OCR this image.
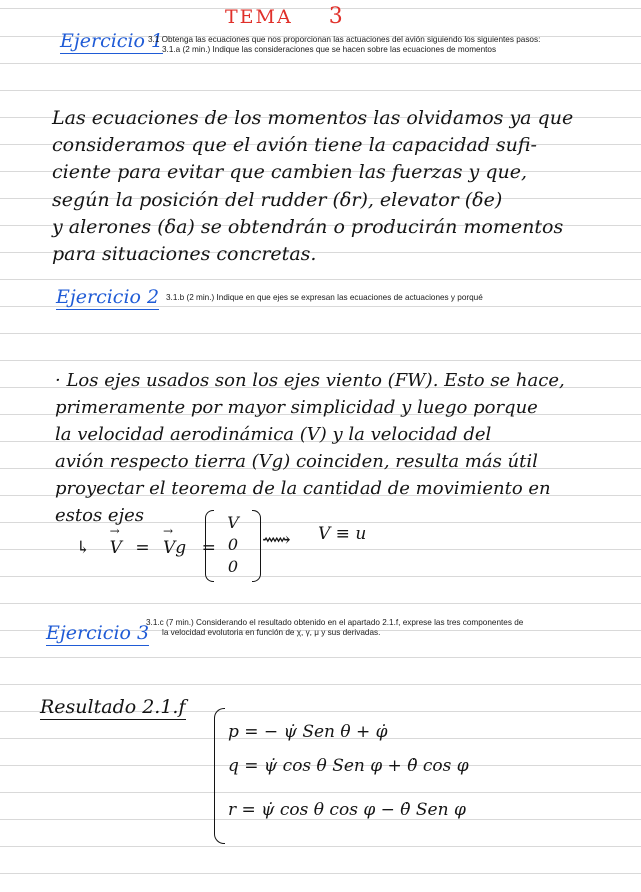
TEMA 3
Ejercicio 1
3.1 Obtenga las ecuaciones que nos proporcionan las actuaciones del avión siguiendo los siguientes pasos:
3.1.a (2 min.) Indique las consideraciones que se hacen sobre las ecuaciones de momentos
Las ecuaciones de los momentos las olvidamos ya que
consideramos que el avión tiene la capacidad sufi-
ciente para evitar que cambien las fuerzas y que,
según la posición del rudder (δr), elevator (δe)
y alerones (δa) se obtendrán o producirán momentos
para situaciones concretas.
Ejercicio 2 3.1.b (2 min.) Indique en que ejes se expresan las ecuaciones de actuaciones y porqué
· Los ejes usados son los ejes viento (FW). Esto se hace,
primeramente por mayor simplicidad y luego porque
la velocidad aerodinámica (V) y la velocidad del
avión respecto tierra (Vg) coinciden, resulta más útil
proyectar el teorema de la cantidad de movimiento en
estos ejes
↳ → V = → Vg =
V
0
0
⟿ V ≡ u
Ejercicio 3
3.1.c (7 min.) Considerando el resultado obtenido en el apartado 2.1.f, exprese las tres componentes de
la velocidad evolutoria en función de χ, γ, μ y sus derivadas.
Resultado 2.1.f
p = − ψ̇ Sen θ + φ̇
q = ψ̇ cos θ Sen φ + θ̇ cos φ
r = ψ̇ cos θ cos φ − θ̇ Sen φ
